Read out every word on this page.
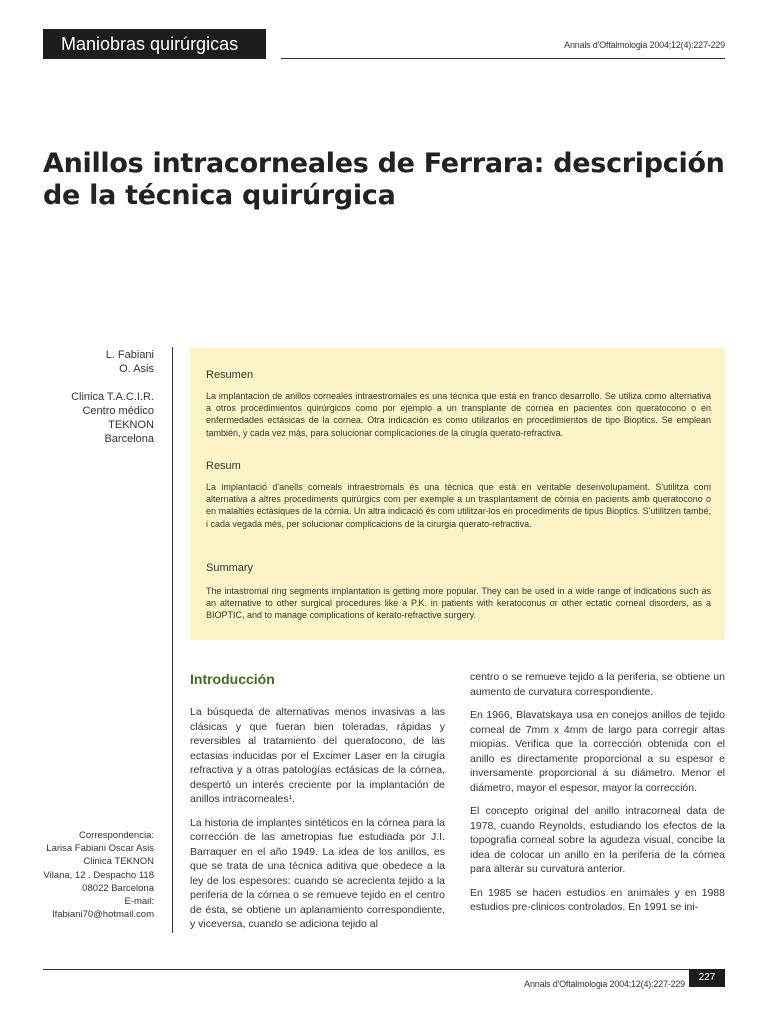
Maniobras quirúrgicas	Annals d'Oftalmologia 2004;12(4):227-229
Anillos intracorneales de Ferrara: descripción de la técnica quirúrgica
L. Fabiani
O. Asis
Clinica T.A.C.I.R.
Centro médico
TEKNON
Barcelona
Resumen
La implantacion de anillos corneales intraestromales es una técnica que está en franco desarrollo. Se utiliza como alternativa a otros procedimientos quirúrgicos como por ejemplo a un transplante de cornea en pacientes con queratocono o en enfermedades ectásicas de la cornea. Otra indicación es como utilizarlos en procedimientos de tipo Bioptics. Se emplean también, y cada vez más, para solucionar complicaciones de la cirugía querato-refractiva.
Resum
La implantació d'anells corneals intraestromals és una tècnica que està en veritable desenvolupament. S'utilitza com alternativa a altres procediments quirúrgics com per exemple a un trasplantament de còrnia en pacients amb queratocono o en malalties ectàsiques de la còrnia. Un altra indicació és com utilitzar-los en procediments de tipus Bioptics. S'utilitzen també, i cada vegada més, per solucionar complicacions de la cirurgia querato-refractiva.
Summary
The intastromal ring segments implantation is getting more popular. They can be used in a wide range of indications such as an alternative to other surgical procedures like a P.K. in patients with keratoconus or other ectatic corneal disorders, as a BIOPTIC, and to manage complications of kerato-refractive surgery.
Introducción

La búsqueda de alternativas menos invasivas a las clásicas y que fueran bien toleradas, rápidas y reversibles al tratamiento del queratocono, de las ectasias inducidas por el Excimer Laser en la cirugía refractiva y a otras patologías ectásicas de la córnea, despertó un interés creciente por la implantación de anillos intracorneales¹.

La historia de implantes sintéticos en la córnea para la corrección de las ametropias fue estudiada por J.I. Barraquer en el año 1949. La idea de los anillos, es que se trata de una técnica aditiva que obedece a la ley de los espesores: cuando se acrecienta tejido a la periferia de la córnea o se remueve tejido en el centro de ésta, se obtiene un aplanamiento correspondiente, y viceversa, cuando se adiciona tejido al

centro o se remueve tejido a la periferia, se obtiene un aumento de curvatura correspondiente.

En 1966, Blavatskaya usa en conejos anillos de tejido corneal de 7mm x 4mm de largo para corregir altas miopias. Verifica que la corrección obtenida con el anillo es directamente proporcional a su espesor e inversamente proporcional a su diámetro. Menor el diámetro, mayor el espesor, mayor la corrección.

El concepto original del anillo intracorneal data de 1978, cuando Reynolds, estudiando los efectos de la topografia corneal sobre la agudeza visual, concibe la idea de colocar un anillo en la periferia de la córnea para alterar su curvatura anterior.

En 1985 se hacen estudios en animales y en 1988 estudios pre-clinicos controlados. En 1991 se ini-

Correspondencia:
Larisa Fabiani Oscar Asis
Clinica TEKNON
Vilana, 12 . Despacho 118
08022 Barcelona
E-mail:
lfabiani70@hotmail.com
Annals d'Oftalmologia 2004;12(4):227-229
227
